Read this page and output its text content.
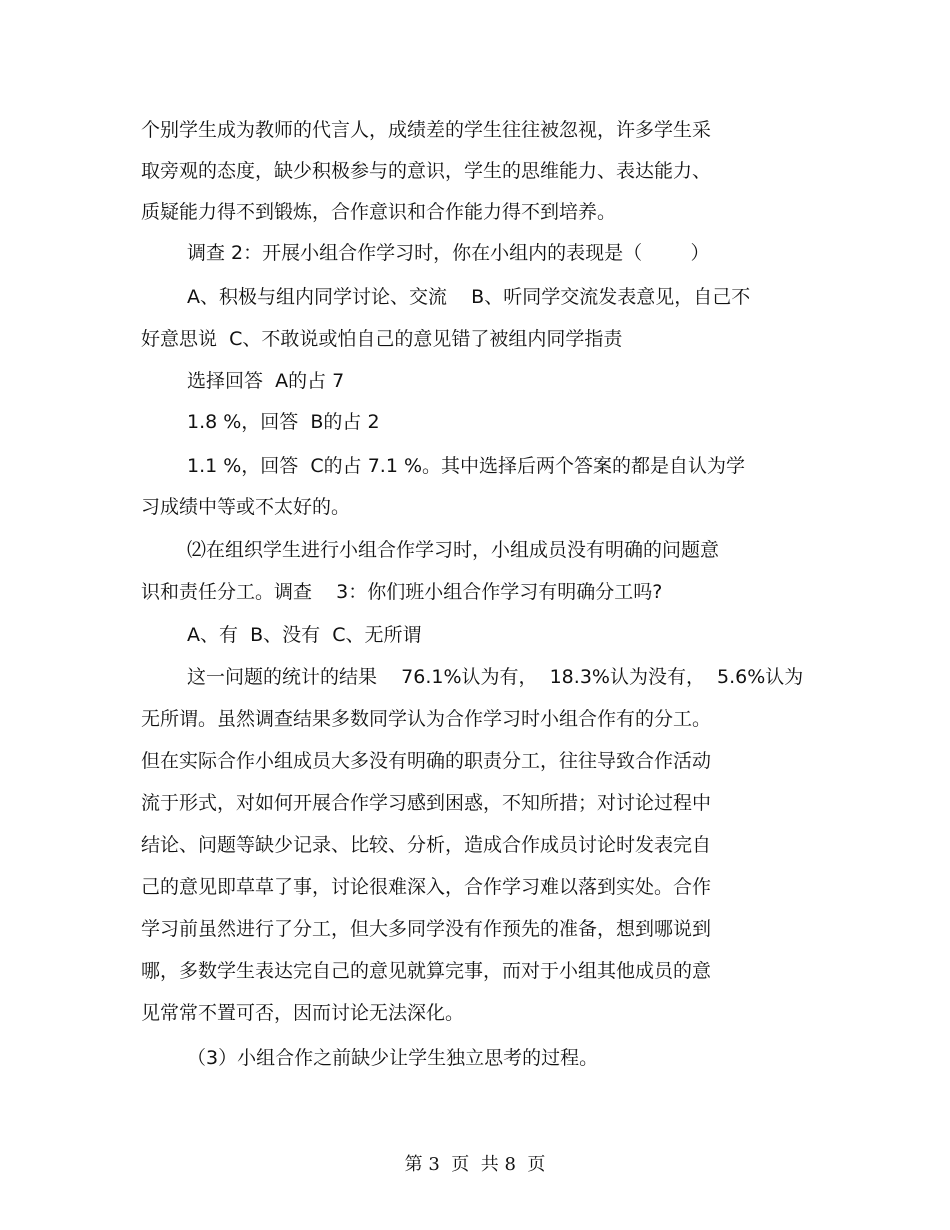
个别学生成为教师的代言人，成绩差的学生往往被忽视，许多学生采
取旁观的态度，缺少积极参与的意识，学生的思维能力、表达能力、
质疑能力得不到锻炼，合作意识和合作能力得不到培养。
调查 2：开展小组合作学习时，你在小组内的表现是（        ）
A、积极与组内同学讨论、交流    B、听同学交流发表意见，自己不
好意思说  C、不敢说或怕自己的意见错了被组内同学指责
选择回答  A的占 7
1.8 %，回答  B的占 2
1.1 %，回答  C的占 7.1 %。其中选择后两个答案的都是自认为学
习成绩中等或不太好的。
⑵在组织学生进行小组合作学习时，小组成员没有明确的问题意
识和责任分工。调查    3：你们班小组合作学习有明确分工吗?
A、有  B、没有  C、无所谓
这一问题的统计的结果    76.1%认为有，  18.3%认为没有，  5.6%认为
无所谓。虽然调查结果多数同学认为合作学习时小组合作有的分工。
但在实际合作小组成员大多没有明确的职责分工，往往导致合作活动
流于形式，对如何开展合作学习感到困惑，不知所措；对讨论过程中
结论、问题等缺少记录、比较、分析，造成合作成员讨论时发表完自
己的意见即草草了事，讨论很难深入，合作学习难以落到实处。合作
学习前虽然进行了分工，但大多同学没有作预先的准备，想到哪说到
哪，多数学生表达完自己的意见就算完事，而对于小组其他成员的意
见常常不置可否，因而讨论无法深化。
（3）小组合作之前缺少让学生独立思考的过程。
第 3  页  共 8  页
